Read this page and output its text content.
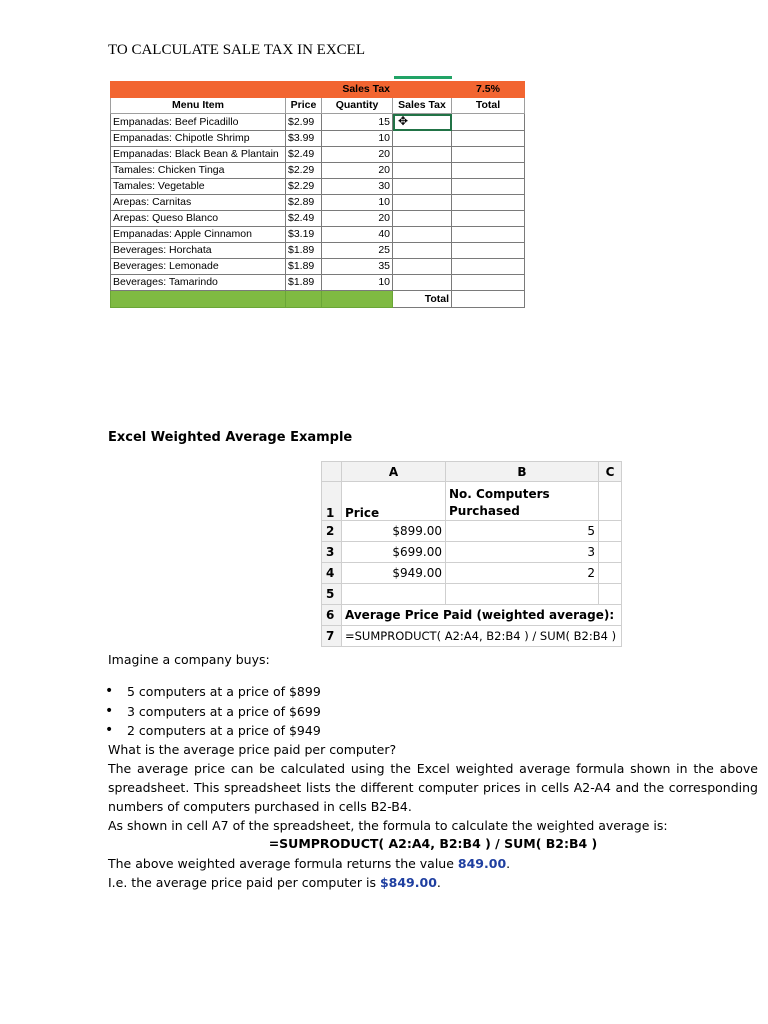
TO CALCULATE SALE TAX IN EXCEL
		Sales Tax		7.5%
Menu Item	Price	Quantity	Sales Tax	Total
Empanadas: Beef Picadillo	$2.99	15	✥	
Empanadas: Chipotle Shrimp	$3.99	10		
Empanadas: Black Bean & Plantain	$2.49	20		
Tamales: Chicken Tinga	$2.29	20		
Tamales: Vegetable	$2.29	30		
Arepas: Carnitas	$2.89	10		
Arepas: Queso Blanco	$2.49	20		
Empanadas: Apple Cinnamon	$3.19	40		
Beverages: Horchata	$1.89	25		
Beverages: Lemonade	$1.89	35		
Beverages: Tamarindo	$1.89	10		
			Total	
Excel Weighted Average Example
	A	B	C
1	Price	No. Computers Purchased	
2	$899.00	5	
3	$699.00	3	
4	$949.00	2	
5			
6	Average Price Paid (weighted average):		
7	=SUMPRODUCT( A2:A4, B2:B4 ) / SUM( B2:B4 )		
Imagine a company buys:
• 5 computers at a price of $899
• 3 computers at a price of $699
• 2 computers at a price of $949
What is the average price paid per computer?
The average price can be calculated using the Excel weighted average formula shown in the above spreadsheet. This spreadsheet lists the different computer prices in cells A2-A4 and the corresponding numbers of computers purchased in cells B2-B4.
As shown in cell A7 of the spreadsheet, the formula to calculate the weighted average is:
=SUMPRODUCT( A2:A4, B2:B4 ) / SUM( B2:B4 )
The above weighted average formula returns the value 849.00.
I.e. the average price paid per computer is $849.00.
